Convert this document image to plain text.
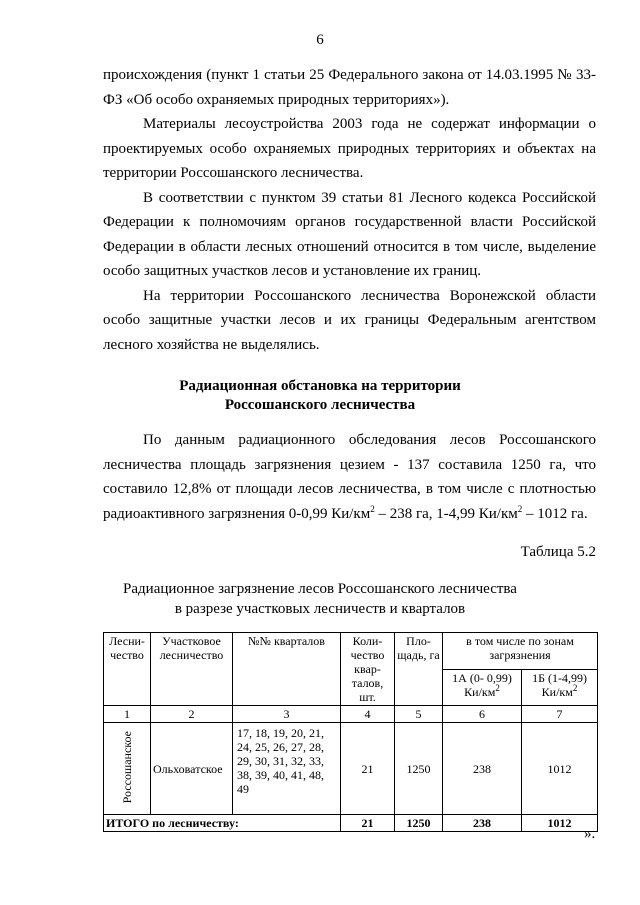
6

происхождения (пункт 1 статьи 25 Федерального закона от 14.03.1995 № 33-ФЗ «Об особо охраняемых природных территориях»).

Материалы лесоустройства 2003 года не содержат информации о проектируемых особо охраняемых природных территориях и объектах на территории Россошанского лесничества.

В соответствии с пунктом 39 статьи 81 Лесного кодекса Российской Федерации к полномочиям органов государственной власти Российской Федерации в области лесных отношений относится в том числе, выделение особо защитных участков лесов и установление их границ.

На территории Россошанского лесничества Воронежской области особо защитные участки лесов и их границы Федеральным агентством лесного хозяйства не выделялись.

Радиационная обстановка на территории
Россошанского лесничества

По данным радиационного обследования лесов Россошанского лесничества площадь загрязнения цезием - 137 составила 1250 га, что составило 12,8% от площади лесов лесничества, в том числе с плотностью радиоактивного загрязнения 0-0,99 $Ки/км^2 - 238$ га, 1-4,99 $Ки/км^2 - 1012$ га.

Таблица 5.2
Радиационное загрязнение лесов Россошанского лесничества
в разрезе участковых лесничеств и кварталов
Лесни-чество	Участковое лесничество	№№ кварталов	Коли-чество квар-талов, шт.	Пло-щадь, га	в том числе по зонам загрязнения	
					1А (0- 0,99) $Ки/км^2$	1Б (1-4,99) $Ки/км^2$
1	2	3	4	5	6	7
Россошанское	Ольховатское	17, 18, 19, 20, 21, 24, 25, 26, 27, 28, 29, 30, 31, 32, 33, 38, 39, 40, 41, 48, 49	21	1250	238	1012
ИТОГО по лесничеству:			21	1250	238	1012
».
